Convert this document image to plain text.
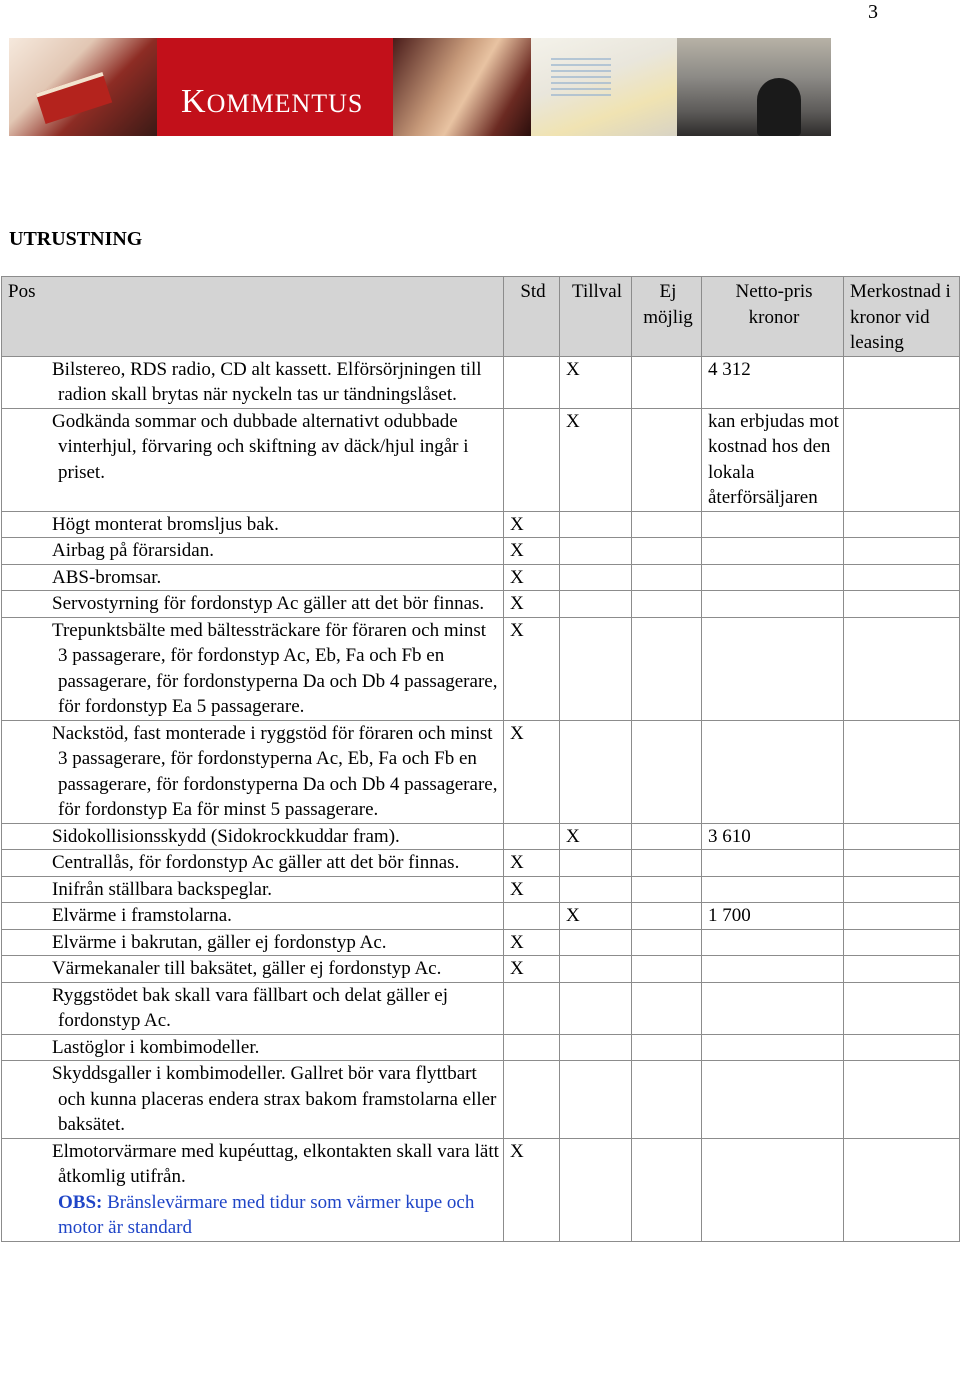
3
KOMMENTUS
UTRUSTNING
Pos	Std	Tillval	Ej möjlig	Netto-pris kronor	Merkostnad i kronor vid leasing

Bilstereo, RDS radio, CD alt kassett. Elförsörjningen till radion skall brytas när nyckeln tas ur tändningslåset.		X		4 312	

Godkända sommar och dubbade alternativt odubbade vinterhjul, förvaring och skiftning av däck/hjul ingår i priset.		X		kan erbjudas mot kostnad hos den lokala återförsäljaren	

Högt monterat bromsljus bak.	X				

Airbag på förarsidan.	X				

ABS-bromsar.	X				

Servostyrning för fordonstyp Ac gäller att det bör finnas.	X				

Trepunktsbälte med bältessträckare för föraren och minst 3 passagerare, för fordonstyp Ac, Eb, Fa och Fb en passagerare, för fordonstyperna Da och Db 4 passagerare, för fordonstyp Ea 5 passagerare.	X				

Nackstöd, fast monterade i ryggstöd för föraren och minst 3 passagerare, för fordonstyperna Ac, Eb, Fa och Fb en passagerare, för fordonstyperna Da och Db 4 passagerare, för fordonstyp Ea för minst 5 passagerare.	X				

Sidokollisionsskydd (Sidokrockkuddar fram).		X		3 610	

Centrallås, för fordonstyp Ac gäller att det bör finnas.	X				

Inifrån ställbara backspeglar.	X				

Elvärme i framstolarna.		X		1 700	

Elvärme i bakrutan, gäller ej fordonstyp Ac.	X				

Värmekanaler till baksätet, gäller ej fordonstyp Ac.	X				

Ryggstödet bak skall vara fällbart och delat gäller ej fordonstyp Ac.					

Lastöglor i kombimodeller.					

Skyddsgaller i kombimodeller. Gallret bör vara flyttbart och kunna placeras endera strax bakom framstolarna eller baksätet.					

Elmotorvärmare med kupéuttag, elkontakten skall vara lätt åtkomlig utifrån.
OBS: Bränslevärmare med tidur som värmer kupe och motor är standard	X				
